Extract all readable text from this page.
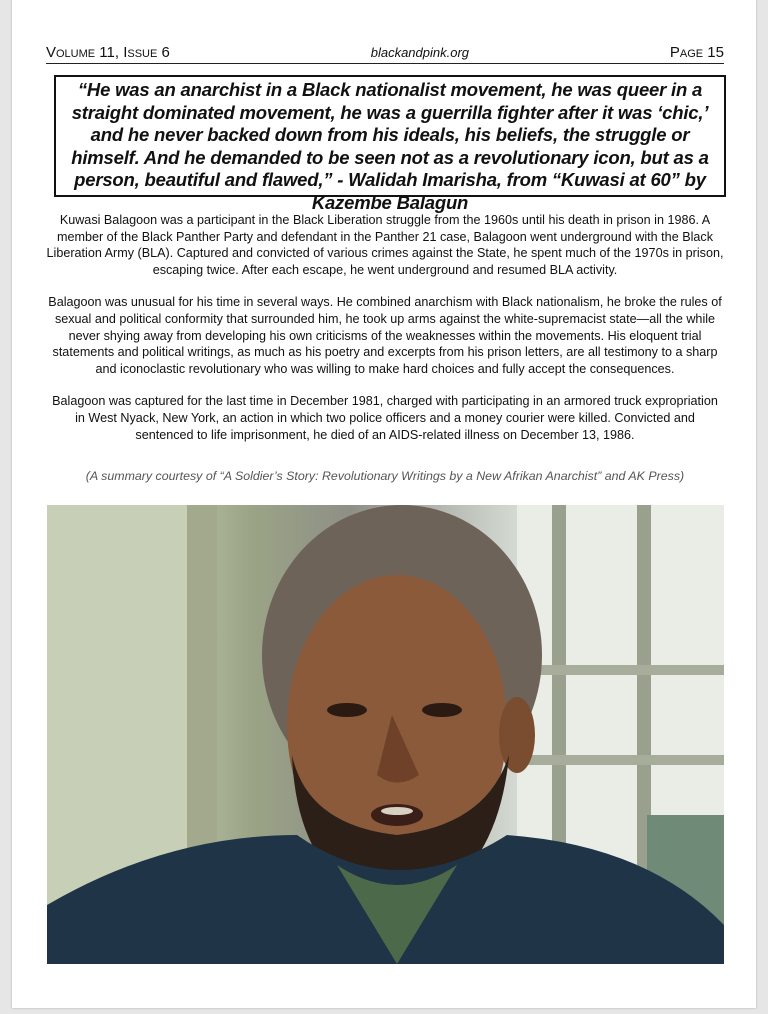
Volume 11, Issue 6	blackandpink.org	Page 15
“He was an anarchist in a Black nationalist movement, he was queer in a straight dominated movement, he was a guerrilla fighter after it was ‘chic,’ and he never backed down from his ideals, his beliefs, the struggle or himself. And he demanded to be seen not as a revolutionary icon, but as a person, beautiful and flawed,” - Walidah Imarisha, from “Kuwasi at 60” by Kazembe Balagun

Kuwasi Balagoon was a participant in the Black Liberation struggle from the 1960s until his death in prison in 1986. A member of the Black Panther Party and defendant in the Panther 21 case, Balagoon went underground with the Black Liberation Army (BLA). Captured and convicted of various crimes against the State, he spent much of the 1970s in prison, escaping twice. After each escape, he went underground and resumed BLA activity.

Balagoon was unusual for his time in several ways. He combined anarchism with Black nationalism, he broke the rules of sexual and political conformity that surrounded him, he took up arms against the white-supremacist state—all the while never shying away from developing his own criticisms of the weaknesses within the movements. His eloquent trial statements and political writings, as much as his poetry and excerpts from his prison letters, are all testimony to a sharp and iconoclastic revolutionary who was willing to make hard choices and fully accept the consequences.

Balagoon was captured for the last time in December 1981, charged with participating in an armored truck expropriation in West Nyack, New York, an action in which two police officers and a money courier were killed. Convicted and sentenced to life imprisonment, he died of an AIDS-related illness on December 13, 1986.

(A summary courtesy of “A Soldier’s Story: Revolutionary Writings by a New Afrikan Anarchist” and AK Press)
